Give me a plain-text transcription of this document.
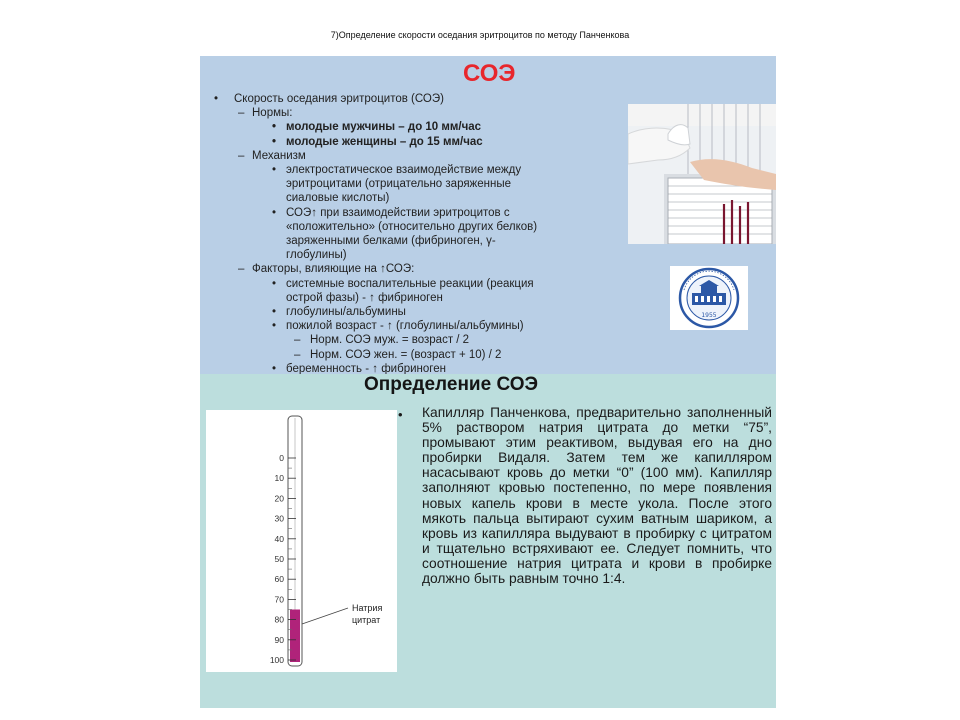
7)Определение скорости оседания эритроцитов по методу Панченкова
СОЭ
• Скорость оседания эритроцитов (СОЭ)
– Нормы:
• молодые мужчины – до 10 мм/час
• молодые женщины – до 15 мм/час
– Механизм
• электростатическое взаимодействие между
эритроцитами (отрицательно заряженные
сиаловые кислоты)
• СОЭ↑ при взаимодействии эритроцитов с
«положительно» (относительно других белков)
заряженными белками (фибриноген, γ-
глобулины)
– Факторы, влияющие на ↑СОЭ:
• системные воспалительные реакции (реакция
острой фазы) - ↑ фибриноген
• глобулины/альбумины
• пожилой возраст - ↑ (глобулины/альбумины)
– Норм. СОЭ муж. = возраст / 2
– Норм. СОЭ жен. = (возраст + 10) / 2
• беременность - ↑ фибриноген
1955
Определение СОЭ
0
10
20
30
40
50
60
70
80
90
100
Натрия
цитрат
• Капилляр Панченкова, предварительно заполненный 5% раствором натрия цитрата до метки “75”, промывают этим реактивом, выдувая его на дно пробирки Видаля. Затем тем же капилляром насасывают кровь до метки “0” (100 мм). Капилляр заполняют кровью постепенно, по мере появления новых капель крови в месте укола. После этого мякоть пальца вытирают сухим ватным шариком, а кровь из капилляра выдувают в пробирку с цитратом и тщательно встряхивают ее. Следует помнить, что соотношение натрия цитрата и крови в пробирке должно быть равным точно 1:4.
